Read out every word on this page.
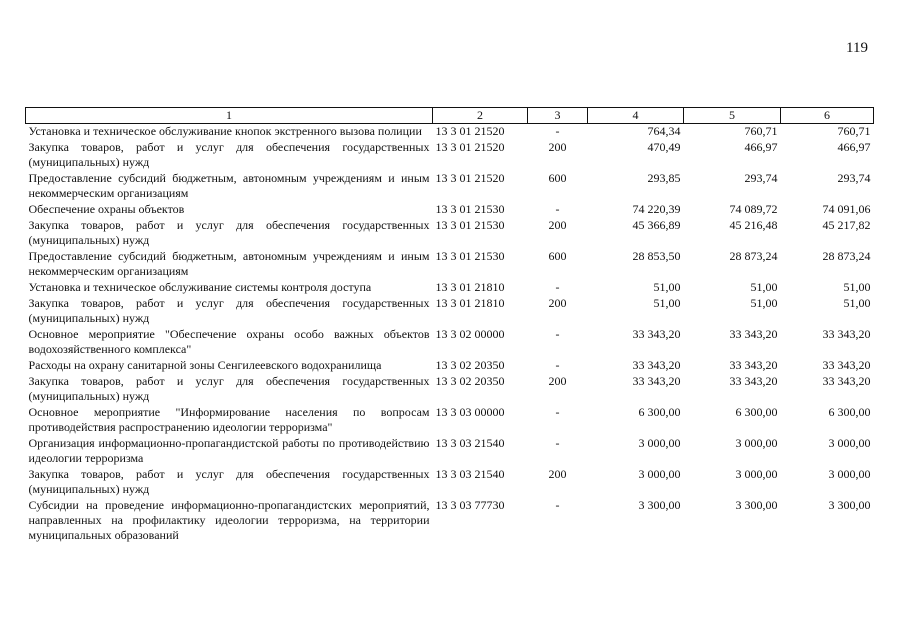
119
1	2	3	4	5	6
Установка и техническое обслуживание кнопок экстренного вызова полиции	13 3 01 21520	-	764,34	760,71	760,71
Закупка товаров, работ и услуг для обеспечения государственных (муниципальных) нужд	13 3 01 21520	200	470,49	466,97	466,97
Предоставление субсидий бюджетным, автономным учреждениям и иным некоммерческим организациям	13 3 01 21520	600	293,85	293,74	293,74
Обеспечение охраны объектов	13 3 01 21530	-	74 220,39	74 089,72	74 091,06
Закупка товаров, работ и услуг для обеспечения государственных (муниципальных) нужд	13 3 01 21530	200	45 366,89	45 216,48	45 217,82
Предоставление субсидий бюджетным, автономным учреждениям и иным некоммерческим организациям	13 3 01 21530	600	28 853,50	28 873,24	28 873,24
Установка и техническое обслуживание системы контроля доступа	13 3 01 21810	-	51,00	51,00	51,00
Закупка товаров, работ и услуг для обеспечения государственных (муниципальных) нужд	13 3 01 21810	200	51,00	51,00	51,00
Основное мероприятие "Обеспечение охраны особо важных объектов водохозяйственного комплекса"	13 3 02 00000	-	33 343,20	33 343,20	33 343,20
Расходы на охрану санитарной зоны Сенгилеевского водохранилища	13 3 02 20350	-	33 343,20	33 343,20	33 343,20
Закупка товаров, работ и услуг для обеспечения государственных (муниципальных) нужд	13 3 02 20350	200	33 343,20	33 343,20	33 343,20
Основное мероприятие "Информирование населения по вопросам противодействия распространению идеологии терроризма"	13 3 03 00000	-	6 300,00	6 300,00	6 300,00
Организация информационно-пропагандистской работы по противодействию идеологии терроризма	13 3 03 21540	-	3 000,00	3 000,00	3 000,00
Закупка товаров, работ и услуг для обеспечения государственных (муниципальных) нужд	13 3 03 21540	200	3 000,00	3 000,00	3 000,00
Субсидии на проведение информационно-пропагандистских мероприятий, направленных на профилактику идеологии терроризма, на территории муниципальных образований	13 3 03 77730	-	3 300,00	3 300,00	3 300,00
